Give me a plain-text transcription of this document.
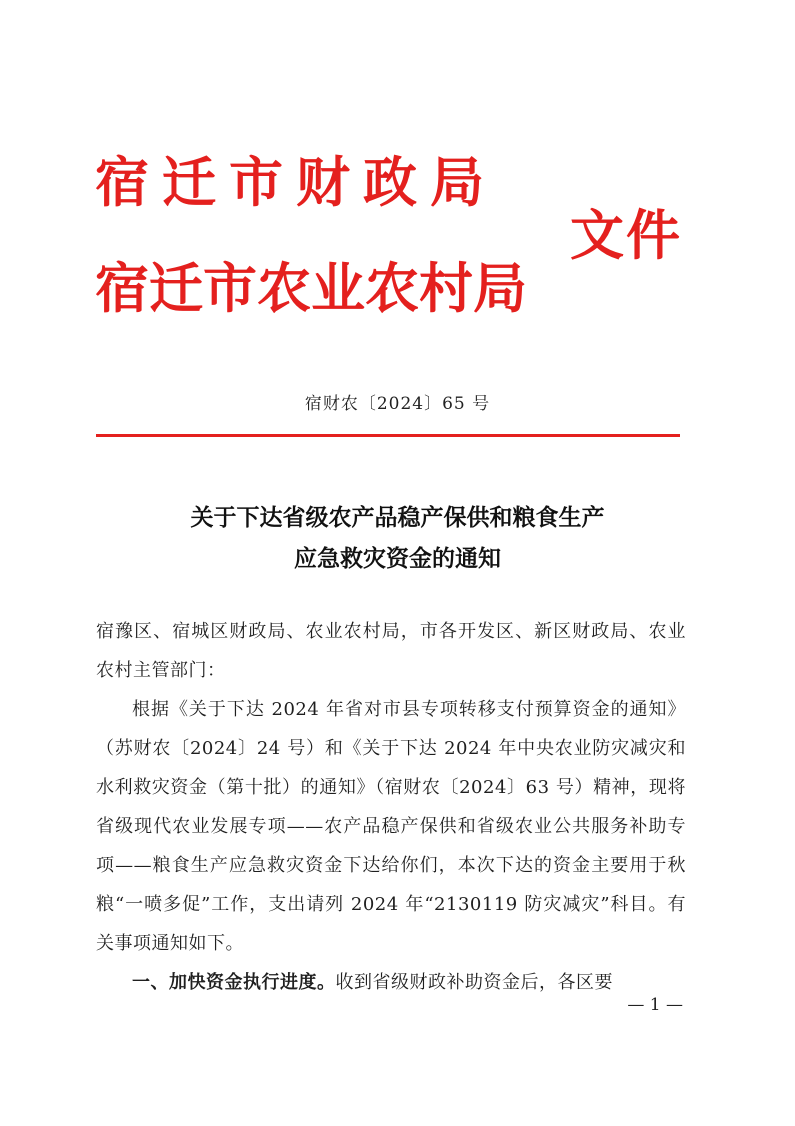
宿迁市财政局
宿迁市农业农村局
文件
宿财农〔2024〕65 号
关于下达省级农产品稳产保供和粮食生产
应急救灾资金的通知

宿豫区、宿城区财政局、农业农村局，市各开发区、新区财政局、农业农村主管部门：

根据《关于下达 2024 年省对市县专项转移支付预算资金的通知》（苏财农〔2024〕24 号）和《关于下达 2024 年中央农业防灾减灾和水利救灾资金（第十批）的通知》（宿财农〔2024〕63 号）精神，现将省级现代农业发展专项——农产品稳产保供和省级农业公共服务补助专项——粮食生产应急救灾资金下达给你们，本次下达的资金主要用于秋粮“一喷多促”工作，支出请列 2024 年“2130119 防灾减灾”科目。有关事项通知如下。

一、加快资金执行进度。收到省级财政补助资金后，各区要

— 1 —
